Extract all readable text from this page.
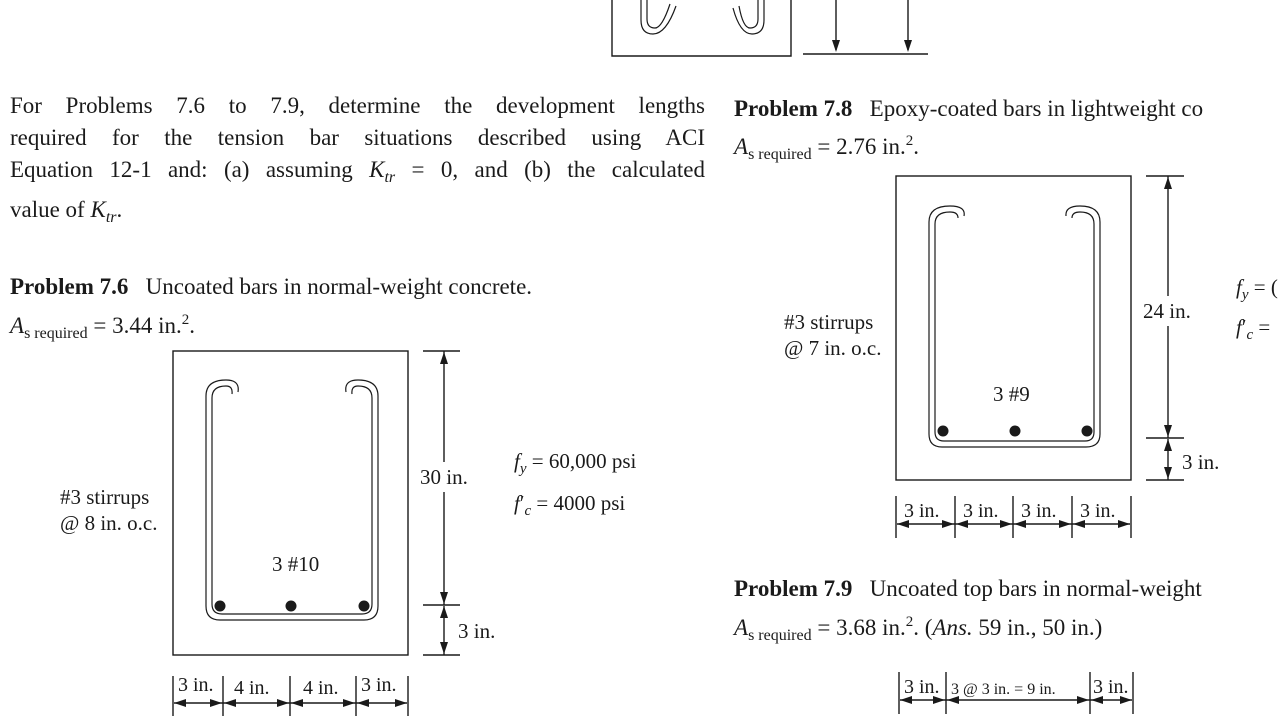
For Problems 7.6 to 7.9, determine the development lengths
required for the tension bar situations described using ACI
Equation 12-1 and: (a) assuming $K_{tr} = 0$, and (b) the calculated
value of $K_{tr}$.
Problem 7.6 Uncoated bars in normal-weight concrete.
$A_{s required} = 3.44$ in.$^2$.
#3 stirrups
@ 8 in. o.c.
3 #10
30 in.
3 in.
$f_y = 60,000$ psi
$f'_c = 4000$ psi
3 in. 4 in. 4 in. 3 in.
Problem 7.8 Epoxy-coated bars in lightweight co
$A_{s required} = 2.76$ in.$^2$.
#3 stirrups
@ 7 in. o.c.
3 #9
24 in.
3 in.
$f_y$ = (
$f'_c$ =
3 in. 3 in. 3 in. 3 in.
Problem 7.9 Uncoated top bars in normal-weight
$A_{s required} = 3.68$ in.$^2$. (Ans. 59 in., 50 in.)
3 in. 3 @ 3 in. = 9 in. 3 in.
